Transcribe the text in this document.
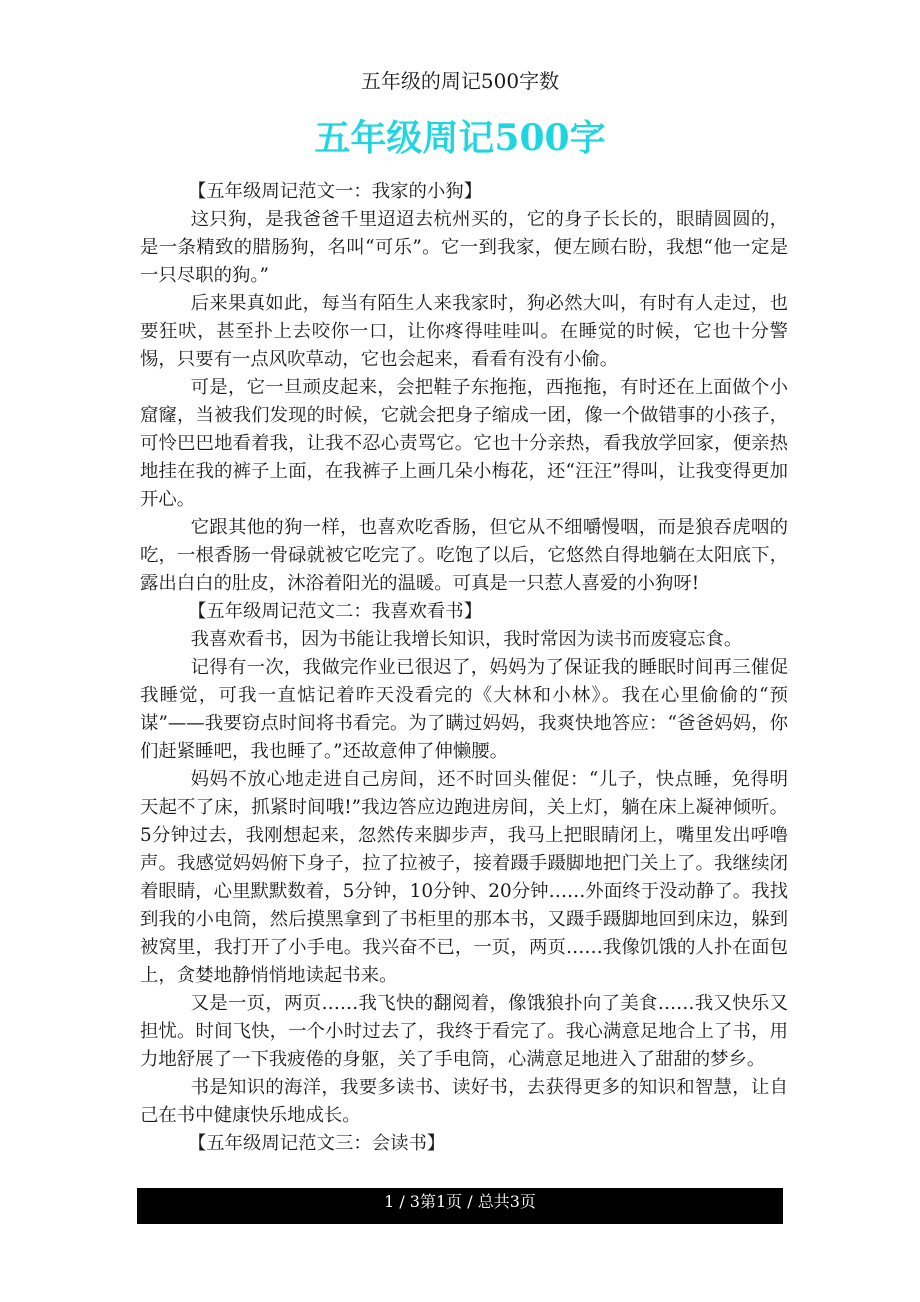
五年级的周记500字数
五年级周记500字

【五年级周记范文一：我家的小狗】

这只狗，是我爸爸千里迢迢去杭州买的，它的身子长长的，眼睛圆圆的，是一条精致的腊肠狗，名叫“可乐”。它一到我家，便左顾右盼，我想“他一定是一只尽职的狗。”

后来果真如此，每当有陌生人来我家时，狗必然大叫，有时有人走过，也要狂吠，甚至扑上去咬你一口，让你疼得哇哇叫。在睡觉的时候，它也十分警惕，只要有一点风吹草动，它也会起来，看看有没有小偷。

可是，它一旦顽皮起来，会把鞋子东拖拖，西拖拖，有时还在上面做个小窟窿，当被我们发现的时候，它就会把身子缩成一团，像一个做错事的小孩子，可怜巴巴地看着我，让我不忍心责骂它。它也十分亲热，看我放学回家，便亲热地挂在我的裤子上面，在我裤子上画几朵小梅花，还“汪汪”得叫，让我变得更加开心。

它跟其他的狗一样，也喜欢吃香肠，但它从不细嚼慢咽，而是狼吞虎咽的吃，一根香肠一骨碌就被它吃完了。吃饱了以后，它悠然自得地躺在太阳底下，露出白白的肚皮，沐浴着阳光的温暖。可真是一只惹人喜爱的小狗呀!

【五年级周记范文二：我喜欢看书】

我喜欢看书，因为书能让我增长知识，我时常因为读书而废寝忘食。

记得有一次，我做完作业已很迟了，妈妈为了保证我的睡眠时间再三催促我睡觉，可我一直惦记着昨天没看完的《大林和小林》。我在心里偷偷的“预谋”——我要窃点时间将书看完。为了瞒过妈妈，我爽快地答应：“爸爸妈妈，你们赶紧睡吧，我也睡了。”还故意伸了伸懒腰。

妈妈不放心地走进自己房间，还不时回头催促：“儿子，快点睡，免得明天起不了床，抓紧时间哦!”我边答应边跑进房间，关上灯，躺在床上凝神倾听。5分钟过去，我刚想起来，忽然传来脚步声，我马上把眼睛闭上，嘴里发出呼噜声。我感觉妈妈俯下身子，拉了拉被子，接着蹑手蹑脚地把门关上了。我继续闭着眼睛，心里默默数着，5分钟，10分钟、20分钟……外面终于没动静了。我找到我的小电筒，然后摸黑拿到了书柜里的那本书，又蹑手蹑脚地回到床边，躲到被窝里，我打开了小手电。我兴奋不已，一页，两页……我像饥饿的人扑在面包上，贪婪地静悄悄地读起书来。

又是一页，两页……我飞快的翻阅着，像饿狼扑向了美食……我又快乐又担忧。时间飞快，一个小时过去了，我终于看完了。我心满意足地合上了书，用力地舒展了一下我疲倦的身躯，关了手电筒，心满意足地进入了甜甜的梦乡。

书是知识的海洋，我要多读书、读好书，去获得更多的知识和智慧，让自己在书中健康快乐地成长。

【五年级周记范文三：会读书】

1 / 3第1页 / 总共3页
